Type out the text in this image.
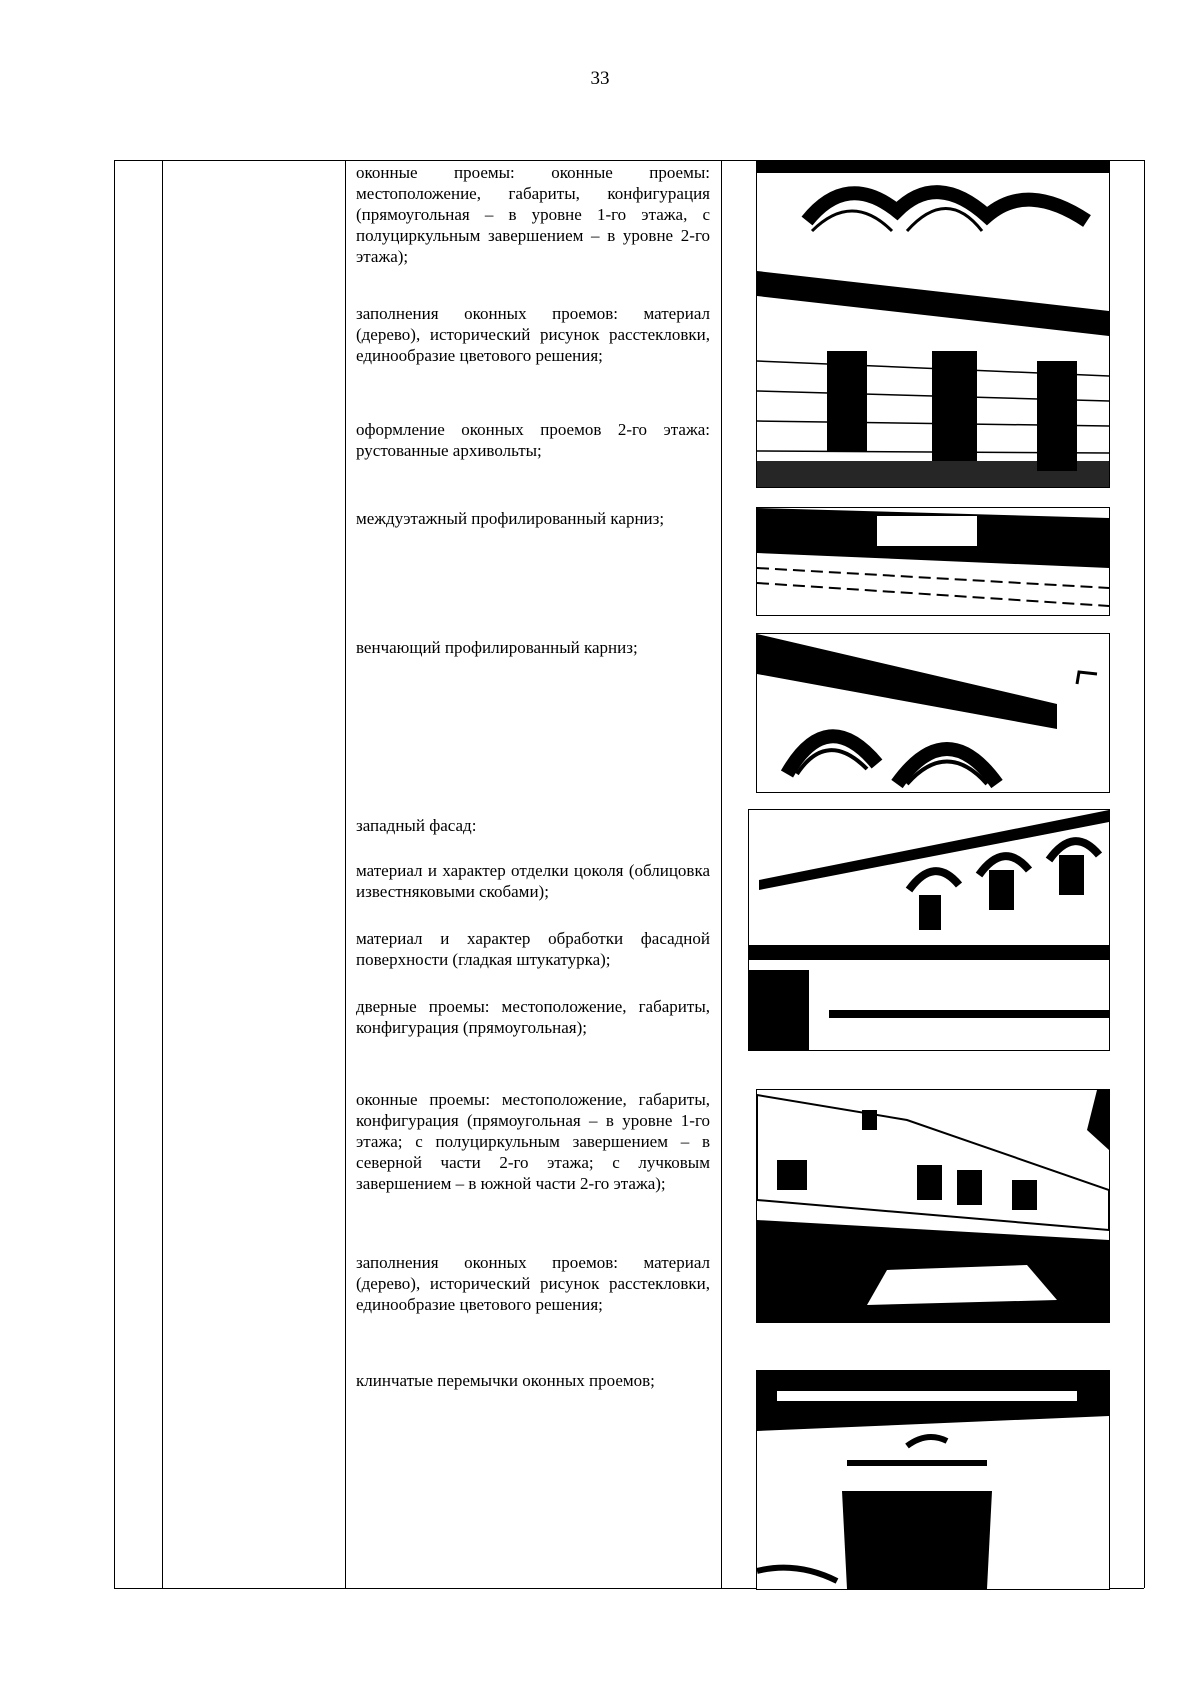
33

оконные проемы: оконные проемы: местоположение, габариты, конфигурация (прямоугольная – в уровне 1-го этажа, с полуциркульным завершением – в уровне 2-го этажа);

заполнения оконных проемов: материал (дерево), исторический рисунок расстекловки, единообразие цветового решения;

оформление оконных проемов 2-го этажа: рустованные архивольты;

междуэтажный профилированный карниз;

венчающий профилированный карниз;

западный фасад:

материал и характер отделки цоколя (облицовка известняковыми скобами);

материал и характер обработки фасадной поверхности (гладкая штукатурка);

дверные проемы: местоположение, габариты, конфигурация (прямоугольная);

оконные проемы: местоположение, габариты, конфигурация (прямоугольная – в уровне 1-го этажа; с полуциркульным завершением – в северной части 2-го этажа; с лучковым завершением – в южной части 2-го этажа);

заполнения оконных проемов: материал (дерево), исторический рисунок расстекловки, единообразие цветового решения;

клинчатые перемычки оконных проемов;
